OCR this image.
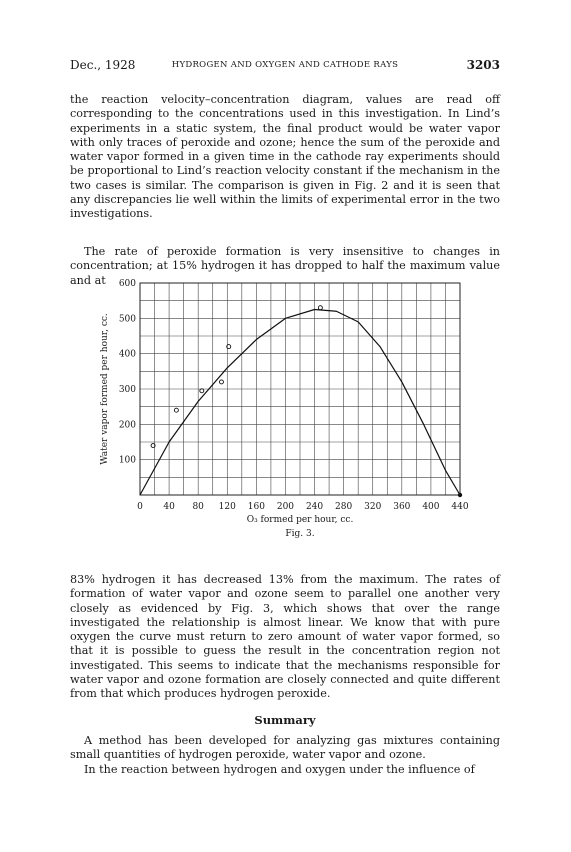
Dec., 1928	HYDROGEN AND OXYGEN AND CATHODE RAYS	3203

the reaction velocity–concentration diagram, values are read off corresponding to the concentrations used in this investigation. In Lind’s experiments in a static system, the final product would be water vapor with only traces of peroxide and ozone; hence the sum of the peroxide and water vapor formed in a given time in the cathode ray experiments should be proportional to Lind’s reaction velocity constant if the mechanism in the two cases is similar. The comparison is given in Fig. 2 and it is seen that any discrepancies lie well within the limits of experimental error in the two investigations.

The rate of peroxide formation is very insensitive to changes in concentration; at 15% hydrogen it has dropped to half the maximum value and at

0 40 80 120 160 200 240 280 320 360 400 440
100
200
300
400
500
600
O₃ formed per hour, cc.
Water vapor formed per hour, cc.
Fig. 3.

83% hydrogen it has decreased 13% from the maximum. The rates of formation of water vapor and ozone seem to parallel one another very closely as evidenced by Fig. 3, which shows that over the range investigated the relationship is almost linear. We know that with pure oxygen the curve must return to zero amount of water vapor formed, so that it is possible to guess the result in the concentration region not investigated. This seems to indicate that the mechanisms responsible for water vapor and ozone formation are closely connected and quite different from that which produces hydrogen peroxide.

Summary

A method has been developed for analyzing gas mixtures containing small quantities of hydrogen peroxide, water vapor and ozone.

In the reaction between hydrogen and oxygen under the influence of
